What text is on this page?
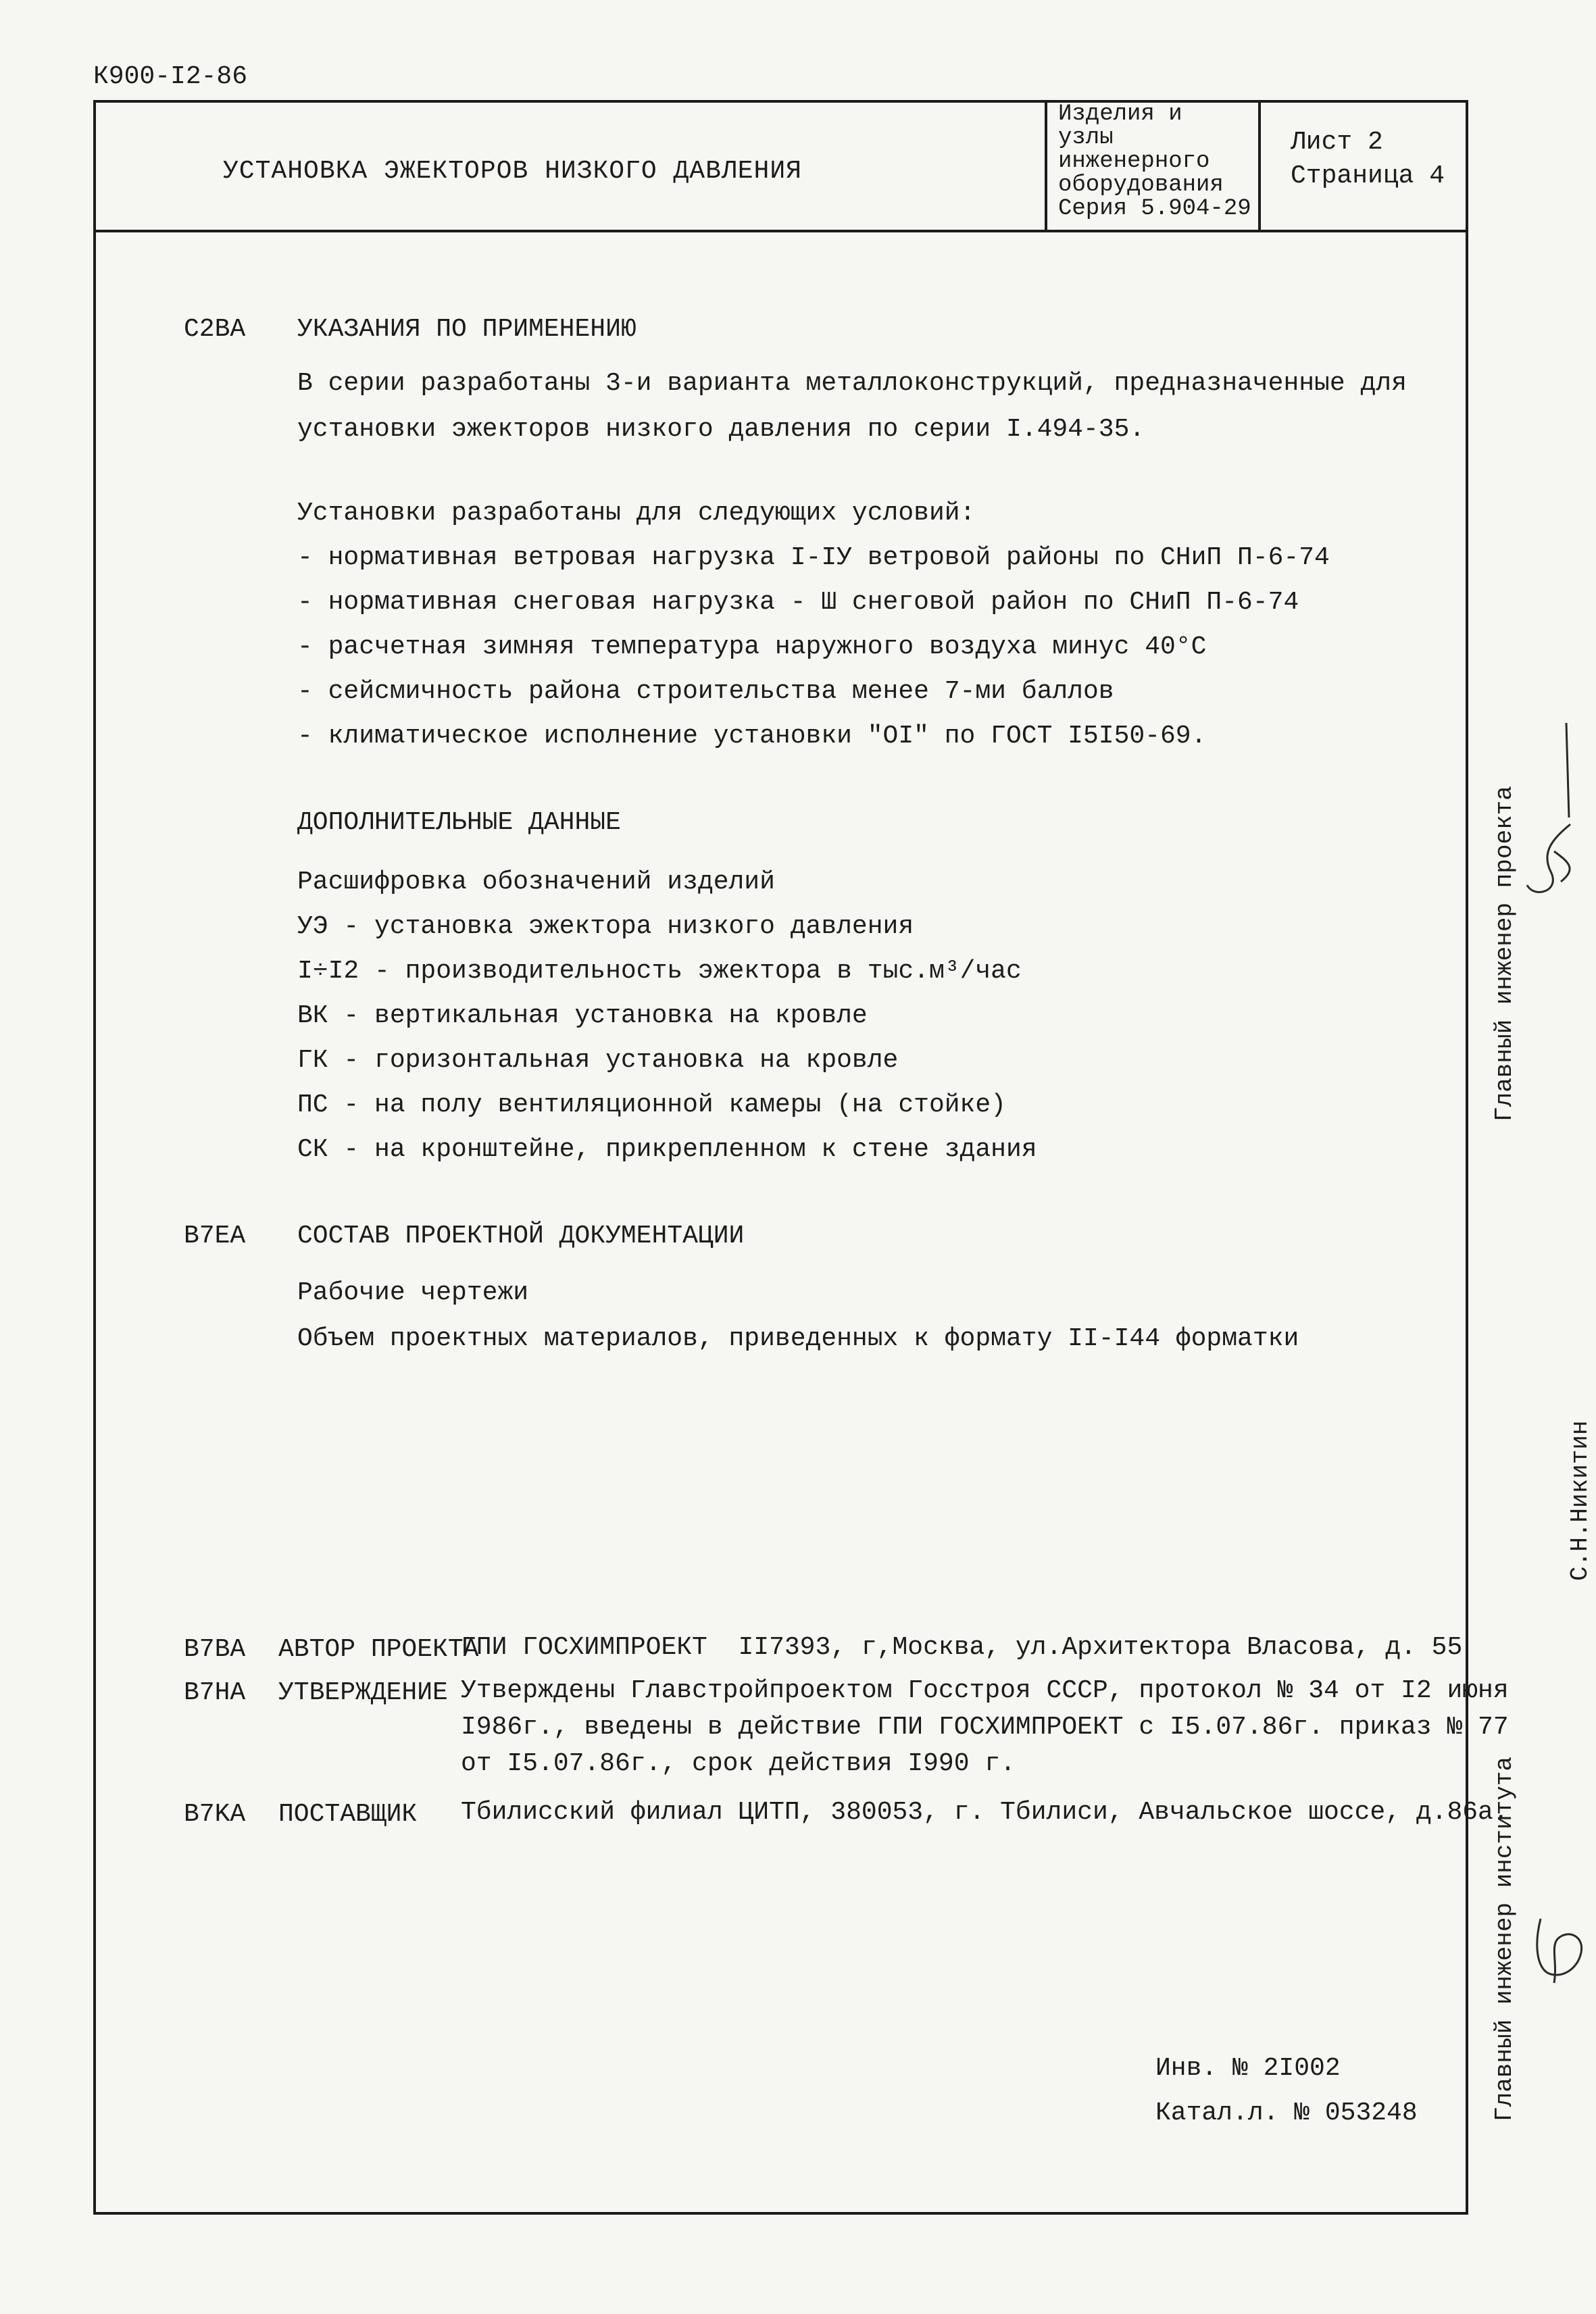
К900-I2-86
УСТАНОВКА ЭЖЕКТОРОВ НИЗКОГО ДАВЛЕНИЯ
Изделия и
узлы
инженерного
оборудования
Серия 5.904-29
Лист 2
Страница 4
C2BA УКАЗАНИЯ ПО ПРИМЕНЕНИЮ
В серии разработаны 3-и варианта металлоконструкций, предназначенные для
установки эжекторов низкого давления по серии I.494-35.
Установки разработаны для следующих условий:
- нормативная ветровая нагрузка I-IУ ветровой районы по СНиП П-6-74
- нормативная снеговая нагрузка - Ш снеговой район по СНиП П-6-74
- расчетная зимняя температура наружного воздуха минус 40°С
- сейсмичность района строительства менее 7-ми баллов
- климатическое исполнение установки "OI" по ГОСТ I5I50-69.
ДОПОЛНИТЕЛЬНЫЕ ДАННЫЕ
Расшифровка обозначений изделий
УЭ - установка эжектора низкого давления
I÷I2 - производительность эжектора в тыс.м³/час
ВК - вертикальная установка на кровле
ГК - горизонтальная установка на кровле
ПС - на полу вентиляционной камеры (на стойке)
СК - на кронштейне, прикрепленном к стене здания
B7EA СОСТАВ ПРОЕКТНОЙ ДОКУМЕНТАЦИИ
Рабочие чертежи
Объем проектных материалов, приведенных к формату II-I44 форматки
B7BA АВТОР ПРОЕКТА
ГПИ ГОСХИМПРОЕКТ  II7393, г,Москва, ул.Архитектора Власова, д. 55
B7HA УТВЕРЖДЕНИЕ Утверждены Главстройпроектом Госстроя СССР, протокол № 34 от I2 июня
I986г., введены в действие ГПИ ГОСХИМПРОЕКТ с I5.07.86г. приказ № 77
от I5.07.86г., срок действия I990 г.
B7KA ПОСТАВЩИК Тбилисский филиал ЦИТП, 380053, г. Тбилиси, Авчальское шоссе, д.86а.
Инв. № 2I002
Катал.л. № 053248
Главный инженер проекта
С.Н.Никитин
Главный инженер института
